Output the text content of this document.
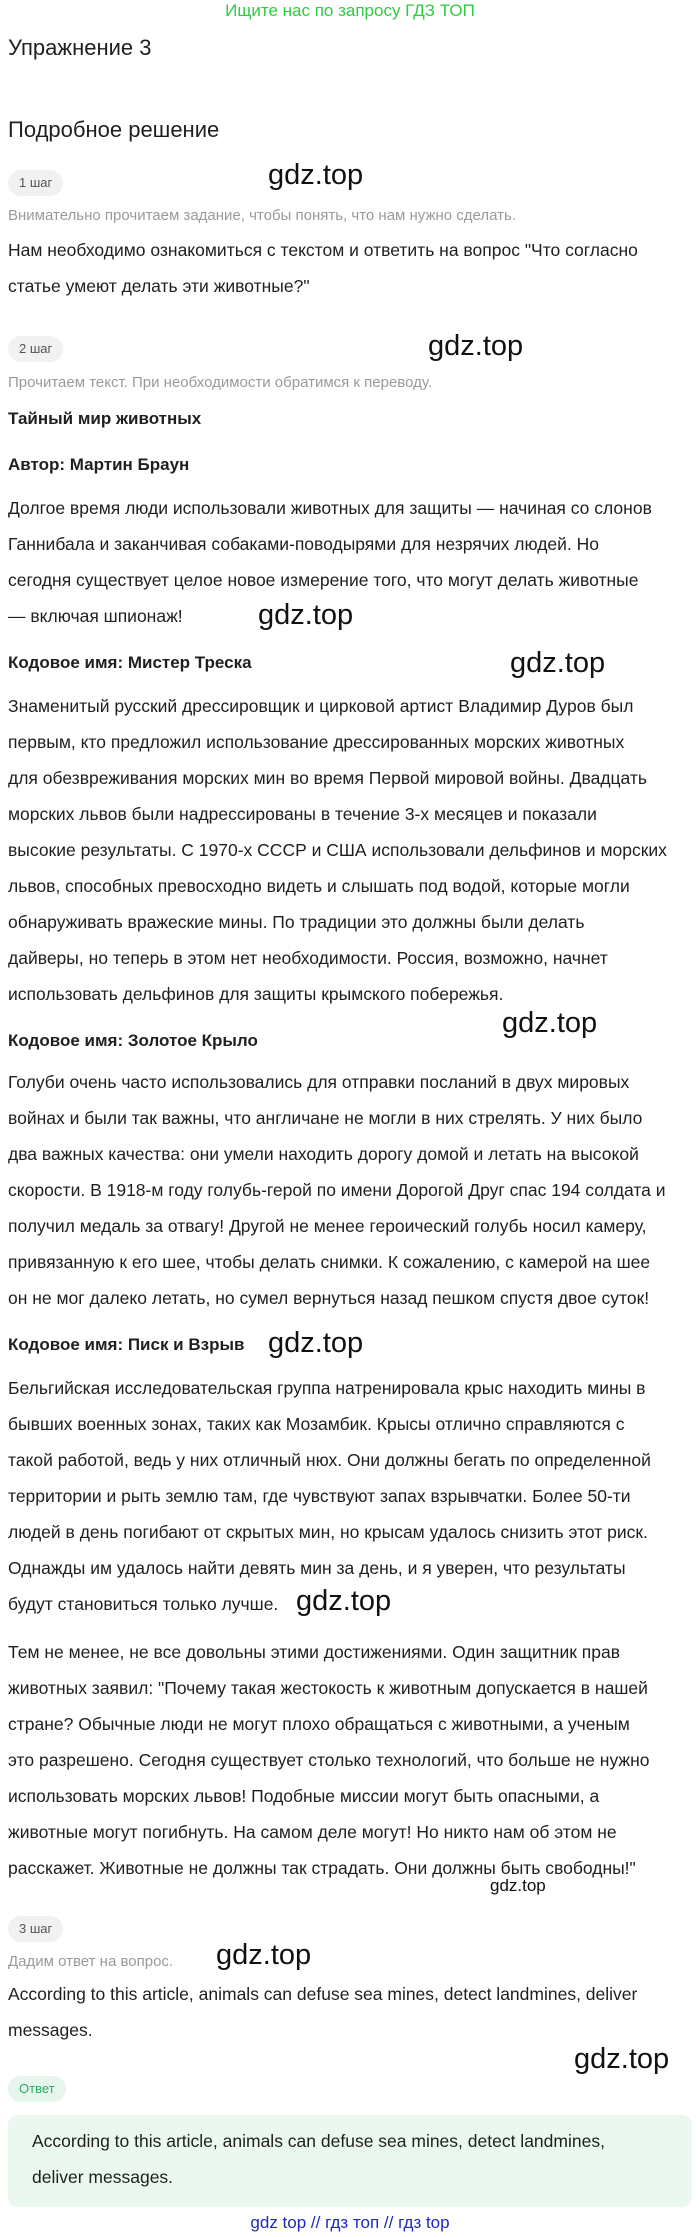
Ищите нас по запросу ГДЗ ТОП
Упражнение 3
Подробное решение
1 шаг	gdz.top
Внимательно прочитаем задание, чтобы понять, что нам нужно сделать.
Нам необходимо ознакомиться с текстом и ответить на вопрос "Что согласно
статье умеют делать эти животные?"
2 шаг	gdz.top
Прочитаем текст. При необходимости обратимся к переводу.
Тайный мир животных
Автор: Мартин Браун
Долгое время люди использовали животных для защиты — начиная со слонов
Ганнибала и заканчивая собаками-поводырями для незрячих людей. Но
сегодня существует целое новое измерение того, что могут делать животные
— включая шпионаж!	gdz.top
Кодовое имя: Мистер Треска	gdz.top
Знаменитый русский дрессировщик и цирковой артист Владимир Дуров был
первым, кто предложил использование дрессированных морских животных
для обезвреживания морских мин во время Первой мировой войны. Двадцать
морских львов были надрессированы в течение 3-х месяцев и показали
высокие результаты. С 1970-х СССР и США использовали дельфинов и морских
львов, способных превосходно видеть и слышать под водой, которые могли
обнаруживать вражеские мины. По традиции это должны были делать
дайверы, но теперь в этом нет необходимости. Россия, возможно, начнет
использовать дельфинов для защиты крымского побережья.
Кодовое имя: Золотое Крыло
gdz.top
Голуби очень часто использовались для отправки посланий в двух мировых
войнах и были так важны, что англичане не могли в них стрелять. У них было
два важных качества: они умели находить дорогу домой и летать на высокой
скорости. В 1918-м году голубь-герой по имени Дорогой Друг спас 194 солдата и
получил медаль за отвагу! Другой не менее героический голубь носил камеру,
привязанную к его шее, чтобы делать снимки. К сожалению, с камерой на шее
он не мог далеко летать, но сумел вернуться назад пешком спустя двое суток!
Кодовое имя: Писк и Взрыв gdz.top
Бельгийская исследовательская группа натренировала крыс находить мины в
бывших военных зонах, таких как Мозамбик. Крысы отлично справляются с
такой работой, ведь у них отличный нюх. Они должны бегать по определенной
территории и рыть землю там, где чувствуют запах взрывчатки. Более 50-ти
людей в день погибают от скрытых мин, но крысам удалось снизить этот риск.
Однажды им удалось найти девять мин за день, и я уверен, что результаты
будут становиться только лучше. gdz.top
Тем не менее, не все довольны этими достижениями. Один защитник прав
животных заявил: "Почему такая жестокость к животным допускается в нашей
стране? Обычные люди не могут плохо обращаться с животными, а ученым
это разрешено. Сегодня существует столько технологий, что больше не нужно
использовать морских львов! Подобные миссии могут быть опасными, а
животные могут погибнуть. На самом деле могут! Но никто нам об этом не
расскажет. Животные не должны так страдать. Они должны быть свободны!"
gdz.top
3 шаг
Дадим ответ на вопрос. gdz.top
According to this article, animals can defuse sea mines, detect landmines, deliver
messages.
gdz.top
Ответ
According to this article, animals can defuse sea mines, detect landmines,
deliver messages.
gdz top // гдз топ // гдз top
